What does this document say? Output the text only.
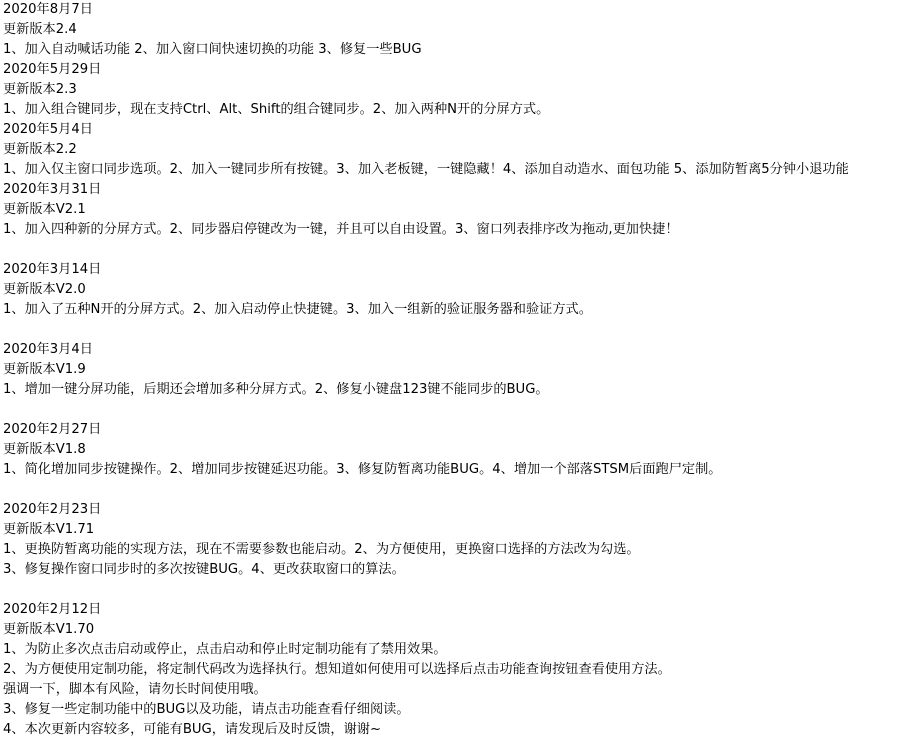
2020年8月7日
更新版本2.4
1、加入自动喊话功能 2、加入窗口间快速切换的功能 3、修复一些BUG
2020年5月29日
更新版本2.3
1、加入组合键同步，现在支持Ctrl、Alt、Shift的组合键同步。2、加入两种N开的分屏方式。
2020年5月4日
更新版本2.2
1、加入仅主窗口同步选项。2、加入一键同步所有按键。3、加入老板键，一键隐藏！4、添加自动造水、面包功能 5、添加防暂离5分钟小退功能
2020年3月31日
更新版本V2.1
1、加入四种新的分屏方式。2、同步器启停键改为一键，并且可以自由设置。3、窗口列表排序改为拖动,更加快捷！
2020年3月14日
更新版本V2.0
1、加入了五种N开的分屏方式。2、加入启动停止快捷键。3、加入一组新的验证服务器和验证方式。
2020年3月4日
更新版本V1.9
1、增加一键分屏功能，后期还会增加多种分屏方式。2、修复小键盘123键不能同步的BUG。
2020年2月27日
更新版本V1.8
1、简化增加同步按键操作。2、增加同步按键延迟功能。3、修复防暂离功能BUG。4、增加一个部落STSM后面跑尸定制。
2020年2月23日
更新版本V1.71
1、更换防暂离功能的实现方法，现在不需要参数也能启动。2、为方便使用，更换窗口选择的方法改为勾选。
3、修复操作窗口同步时的多次按键BUG。4、更改获取窗口的算法。
2020年2月12日
更新版本V1.70
1、为防止多次点击启动或停止，点击启动和停止时定制功能有了禁用效果。
2、为方便使用定制功能，将定制代码改为选择执行。想知道如何使用可以选择后点击功能查询按钮查看使用方法。
强调一下，脚本有风险，请勿长时间使用哦。
3、修复一些定制功能中的BUG以及功能，请点击功能查看仔细阅读。
4、本次更新内容较多，可能有BUG，请发现后及时反馈，谢谢~
